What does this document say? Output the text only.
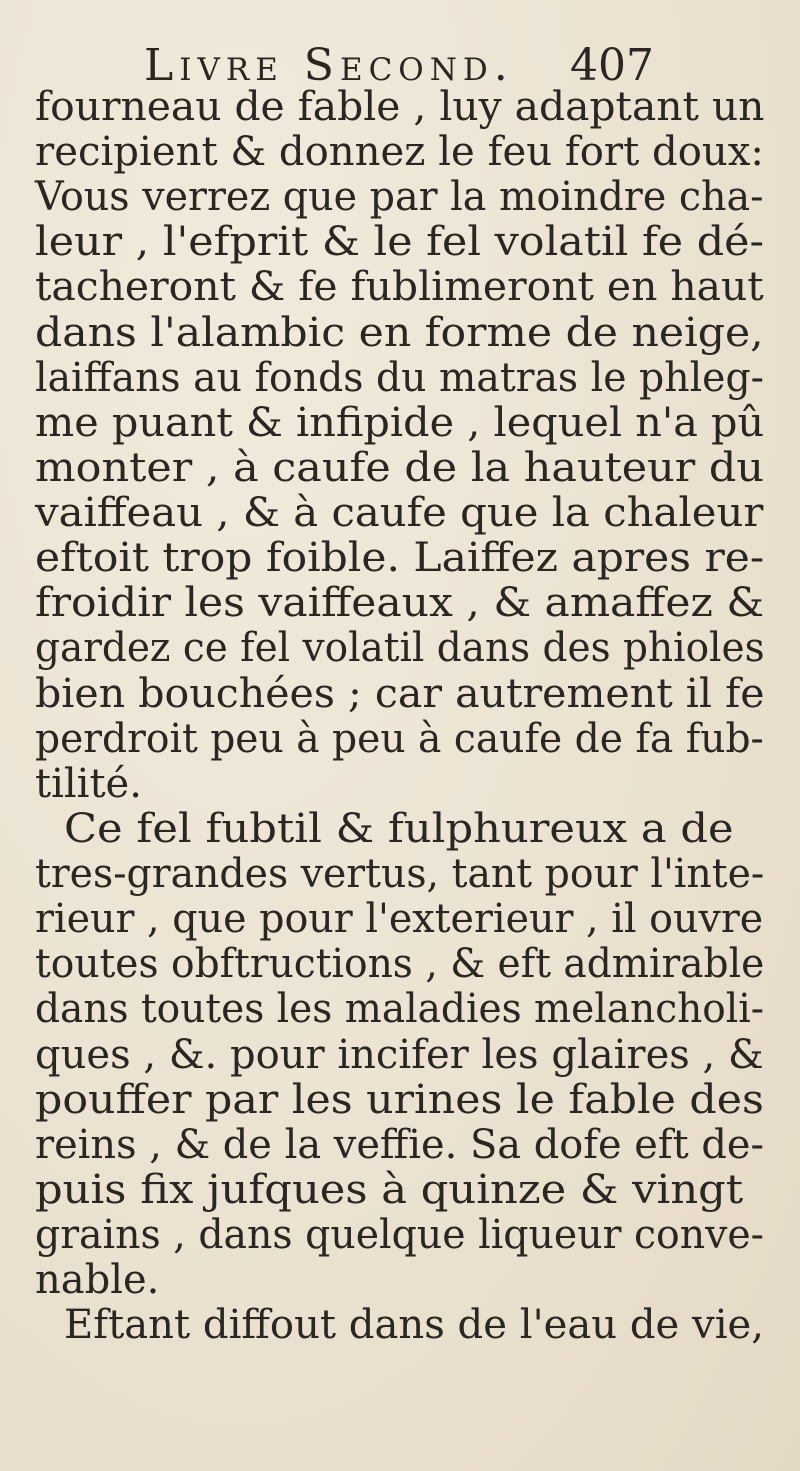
Livre Second. 407
fourneau de fable , luy adaptant un
recipient & donnez le feu fort doux:
Vous verrez que par la moindre cha-
leur , l'efprit & le fel volatil fe dé-
tacheront & fe fublimeront en haut
dans l'alambic en forme de neige,
laiffans au fonds du matras le phleg-
me puant & infipide , lequel n'a pû
monter , à caufe de la hauteur du
vaiffeau , & à caufe que la chaleur
eftoit trop foible. Laiffez apres re-
froidir les vaiffeaux , & amaffez &
gardez ce fel volatil dans des phioles
bien bouchées ; car autrement il fe
perdroit peu à peu à caufe de fa fub-
tilité.
Ce fel fubtil & fulphureux a de
tres-grandes vertus, tant pour l'inte-
rieur , que pour l'exterieur , il ouvre
toutes obftructions , & eft admirable
dans toutes les maladies melancholi-
ques , &. pour incifer les glaires , &
pouffer par les urines le fable des
reins , & de la veffie. Sa dofe eft de-
puis fix jufques à quinze & vingt
grains , dans quelque liqueur conve-
nable.
Eftant diffout dans de l'eau de vie,
